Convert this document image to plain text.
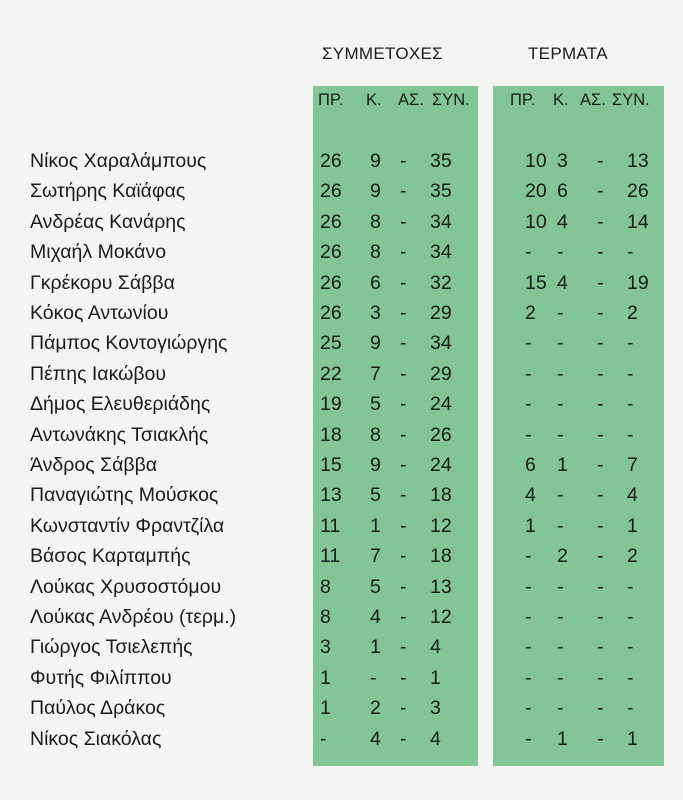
ΣΥΜΜΕΤΟΧΕΣ	ΤΕΡΜΑΤΑ
ΠΡ. Κ. ΑΣ. ΣΥΝ. ΠΡ. Κ. ΑΣ. ΣΥΝ.
Νίκος Χαραλάμπους	26 9 - 35	10 3 - 13
Σωτήρης Καϊάφας	26 9 - 35	20 6 - 26
Ανδρέας Κανάρης	26 8 - 34	10 4 - 14
Μιχαήλ Μοκάνο	26 8 - 34	- - - -
Γκρέκορυ Σάββα	26 6 - 32	15 4 - 19
Κόκος Αντωνίου	26 3 - 29	2 - - 2
Πάμπος Κοντογιώργης	25 9 - 34	- - - -
Πέπης Ιακώβου	22 7 - 29	- - - -
Δήμος Ελευθεριάδης	19 5 - 24	- - - -
Αντωνάκης Τσιακλής	18 8 - 26	- - - -
Άνδρος Σάββα	15 9 - 24	6 1 - 7
Παναγιώτης Μούσκος	13 5 - 18	4 - - 4
Κωνσταντίν Φραντζίλα	11 1 - 12	1 - - 1
Βάσος Καρταμπής	11 7 - 18	- 2 - 2
Λούκας Χρυσοστόμου	8 5 - 13	- - - -
Λούκας Ανδρέου (τερμ.)	8 4 - 12	- - - -
Γιώργος Τσιελεπής	3 1 - 4	- - - -
Φυτής Φιλίππου	1 - - 1	- - - -
Παύλος Δράκος	1 2 - 3	- - - -
Νίκος Σιακόλας	- 4 - 4	- 1 - 1
